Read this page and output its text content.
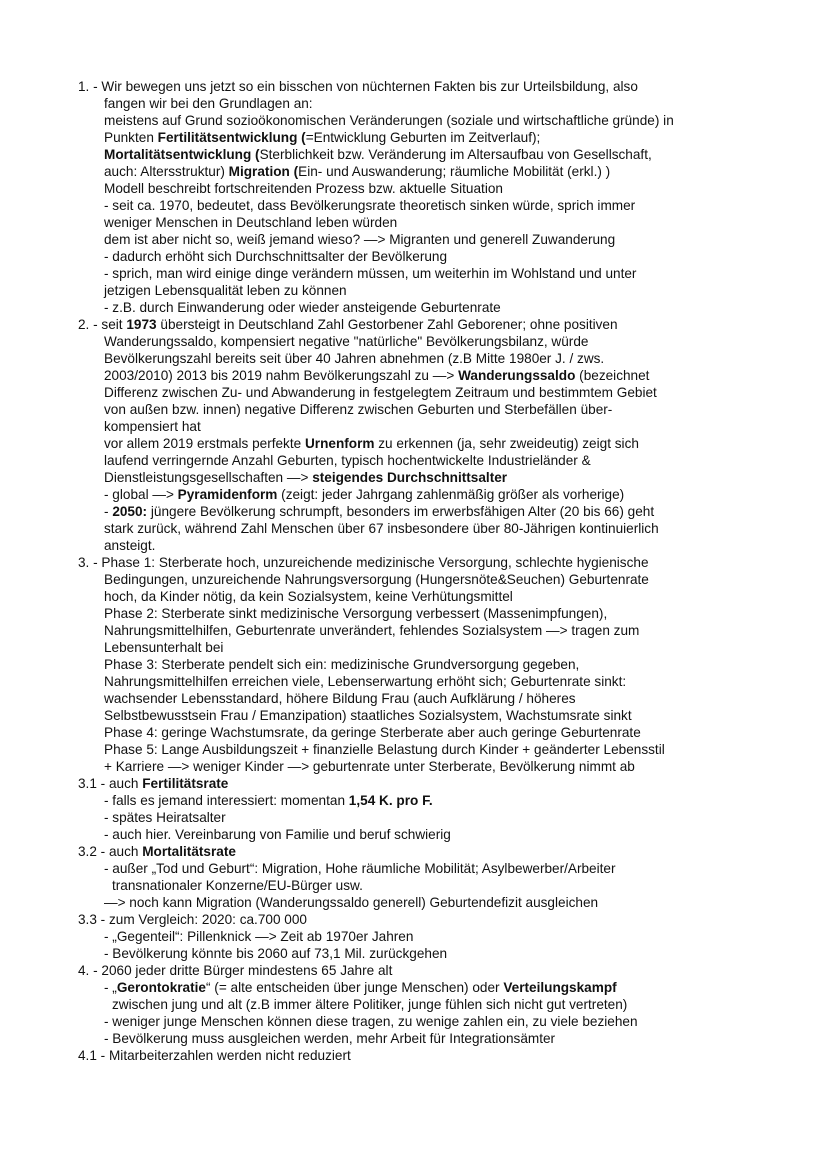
1. - Wir bewegen uns jetzt so ein bisschen von nüchternen Fakten bis zur Urteilsbildung, also
fangen wir bei den Grundlagen an:
meistens auf Grund sozioökonomischen Veränderungen (soziale und wirtschaftliche gründe) in
Punkten Fertilitätsentwicklung (=Entwicklung Geburten im Zeitverlauf);
Mortalitätsentwicklung (Sterblichkeit bzw. Veränderung im Altersaufbau von Gesellschaft,
auch: Altersstruktur) Migration (Ein- und Auswanderung; räumliche Mobilität (erkl.) )
Modell beschreibt fortschreitenden Prozess bzw. aktuelle Situation
- seit ca. 1970, bedeutet, dass Bevölkerungsrate theoretisch sinken würde, sprich immer
weniger Menschen in Deutschland leben würden
dem ist aber nicht so, weiß jemand wieso? —> Migranten und generell Zuwanderung
- dadurch erhöht sich Durchschnittsalter der Bevölkerung
- sprich, man wird einige dinge verändern müssen, um weiterhin im Wohlstand und unter
jetzigen Lebensqualität leben zu können
- z.B. durch Einwanderung oder wieder ansteigende Geburtenrate
2. - seit 1973 übersteigt in Deutschland Zahl Gestorbener Zahl Geborener; ohne positiven
Wanderungssaldo, kompensiert negative "natürliche" Bevölkerungsbilanz, würde
Bevölkerungszahl bereits seit über 40 Jahren abnehmen (z.B Mitte 1980er J. / zws.
2003/2010) 2013 bis 2019 nahm Bevölkerungszahl zu —> Wanderungssaldo (bezeichnet
Differenz zwischen Zu- und Abwanderung in festgelegtem Zeitraum und bestimmtem Gebiet
von außen bzw. innen) negative Differenz zwischen Geburten und Sterbefällen über-
kompensiert hat
vor allem 2019 erstmals perfekte Urnenform zu erkennen (ja, sehr zweideutig) zeigt sich
laufend verringernde Anzahl Geburten, typisch hochentwickelte Industrieländer &
Dienstleistungsgesellschaften —> steigendes Durchschnittsalter
- global —> Pyramidenform (zeigt: jeder Jahrgang zahlenmäßig größer als vorherige)
- 2050: jüngere Bevölkerung schrumpft, besonders im erwerbsfähigen Alter (20 bis 66) geht
stark zurück, während Zahl Menschen über 67 insbesondere über 80-Jährigen kontinuierlich
ansteigt.
3. - Phase 1: Sterberate hoch, unzureichende medizinische Versorgung, schlechte hygienische
Bedingungen, unzureichende Nahrungsversorgung (Hungersnöte&Seuchen) Geburtenrate
hoch, da Kinder nötig, da kein Sozialsystem, keine Verhütungsmittel
Phase 2: Sterberate sinkt medizinische Versorgung verbessert (Massenimpfungen),
Nahrungsmittelhilfen, Geburtenrate unverändert, fehlendes Sozialsystem —> tragen zum
Lebensunterhalt bei
Phase 3: Sterberate pendelt sich ein: medizinische Grundversorgung gegeben,
Nahrungsmittelhilfen erreichen viele, Lebenserwartung erhöht sich; Geburtenrate sinkt:
wachsender Lebensstandard, höhere Bildung Frau (auch Aufklärung / höheres
Selbstbewusstsein Frau / Emanzipation) staatliches Sozialsystem, Wachstumsrate sinkt
Phase 4: geringe Wachstumsrate, da geringe Sterberate aber auch geringe Geburtenrate
Phase 5: Lange Ausbildungszeit + finanzielle Belastung durch Kinder + geänderter Lebensstil
+ Karriere —> weniger Kinder —> geburtenrate unter Sterberate, Bevölkerung nimmt ab
3.1 - auch Fertilitätsrate
- falls es jemand interessiert: momentan 1,54 K. pro F.
- spätes Heiratsalter
- auch hier. Vereinbarung von Familie und beruf schwierig
3.2 - auch Mortalitätsrate
- außer „Tod und Geburt“: Migration, Hohe räumliche Mobilität; Asylbewerber/Arbeiter
transnationaler Konzerne/EU-Bürger usw.
—> noch kann Migration (Wanderungssaldo generell) Geburtendefizit ausgleichen
3.3 - zum Vergleich: 2020: ca.700 000
- „Gegenteil“: Pillenknick —> Zeit ab 1970er Jahren
- Bevölkerung könnte bis 2060 auf 73,1 Mil. zurückgehen
4. - 2060 jeder dritte Bürger mindestens 65 Jahre alt
- „Gerontokratie“ (= alte entscheiden über junge Menschen) oder Verteilungskampf
zwischen jung und alt (z.B immer ältere Politiker, junge fühlen sich nicht gut vertreten)
- weniger junge Menschen können diese tragen, zu wenige zahlen ein, zu viele beziehen
- Bevölkerung muss ausgleichen werden, mehr Arbeit für Integrationsämter
4.1 - Mitarbeiterzahlen werden nicht reduziert
